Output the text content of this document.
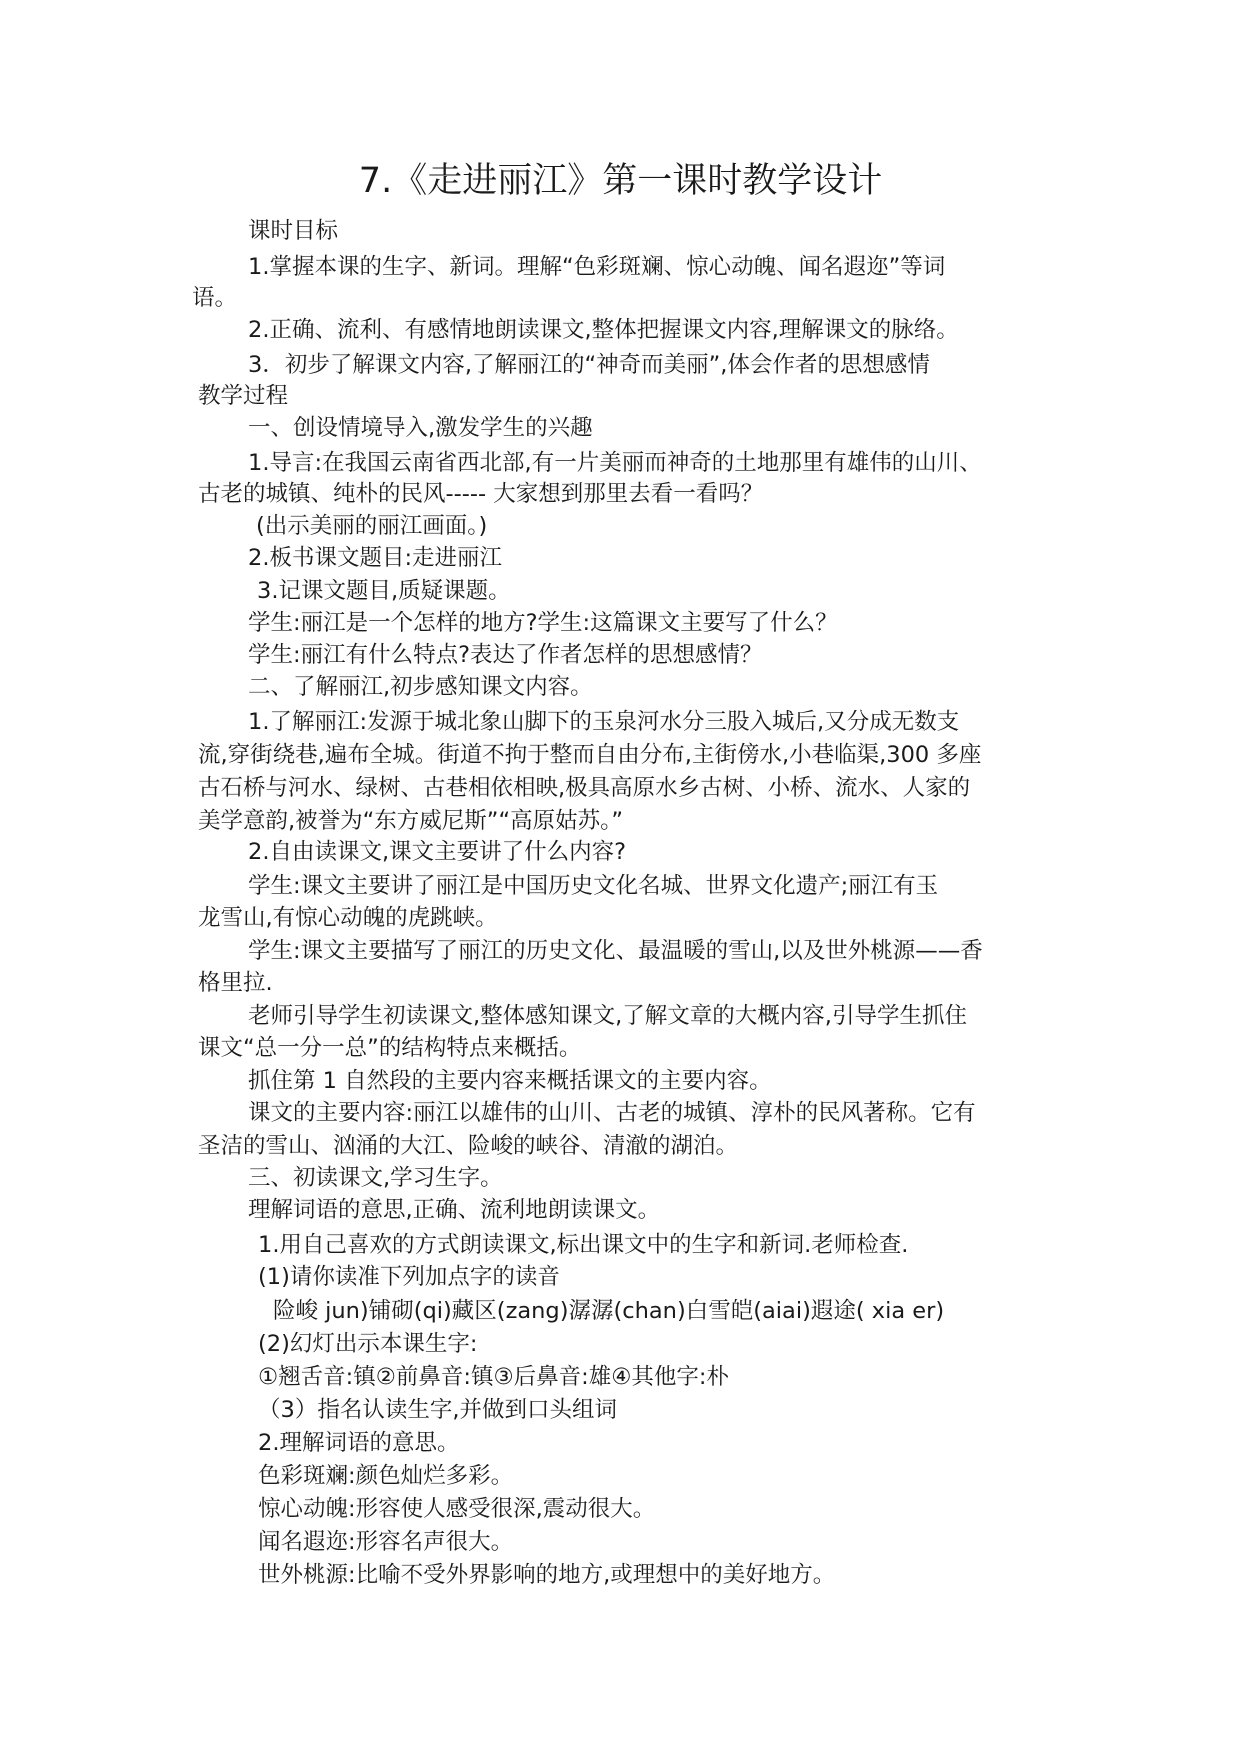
7.《走进丽江》第一课时教学设计
课时目标
1.掌握本课的生字、新词。理解“色彩斑斓、惊心动魄、闻名遐迩”等词
语。
2.正确、流利、有感情地朗读课文,整体把握课文内容,理解课文的脉络。
3．初步了解课文内容,了解丽江的“神奇而美丽”,体会作者的思想感情
教学过程
一、创设情境导入,激发学生的兴趣
1.导言:在我国云南省西北部,有一片美丽而神奇的土地那里有雄伟的山川、
古老的城镇、纯朴的民风----- 大家想到那里去看一看吗？
(出示美丽的丽江画面。)
2.板书课文题目:走进丽江
3.记课文题目,质疑课题。
学生:丽江是一个怎样的地方?学生:这篇课文主要写了什么？
学生:丽江有什么特点?表达了作者怎样的思想感情？
二、了解丽江,初步感知课文内容。
1.了解丽江:发源于城北象山脚下的玉泉河水分三股入城后,又分成无数支
流,穿街绕巷,遍布全城。街道不拘于整而自由分布,主街傍水,小巷临渠,300 多座
古石桥与河水、绿树、古巷相依相映,极具高原水乡古树、小桥、流水、人家的
美学意韵,被誉为“东方威尼斯”“高原姑苏。”
2.自由读课文,课文主要讲了什么内容?
学生:课文主要讲了丽江是中国历史文化名城、世界文化遗产;丽江有玉
龙雪山,有惊心动魄的虎跳峡。
学生:课文主要描写了丽江的历史文化、最温暖的雪山,以及世外桃源——香
格里拉.
老师引导学生初读课文,整体感知课文,了解文章的大概内容,引导学生抓住
课文“总一分一总”的结构特点来概括。
抓住第 1 自然段的主要内容来概括课文的主要内容。
课文的主要内容:丽江以雄伟的山川、古老的城镇、淳朴的民风著称。它有
圣洁的雪山、汹涌的大江、险峻的峡谷、清澈的湖泊。
三、初读课文,学习生字。
理解词语的意思,正确、流利地朗读课文。
1.用自己喜欢的方式朗读课文,标出课文中的生字和新词.老师检查.
(1)请你读准下列加点字的读音
险峻 jun)铺砌(qi)藏区(zang)潺潺(chan)白雪皑(aiai)遐途( xia er)
(2)幻灯出示本课生字:
①翘舌音:镇②前鼻音:镇③后鼻音:雄④其他字:朴
（3）指名认读生字,并做到口头组词
2.理解词语的意思。
色彩斑斓:颜色灿烂多彩。
惊心动魄:形容使人感受很深,震动很大。
闻名遐迩:形容名声很大。
世外桃源:比喻不受外界影响的地方,或理想中的美好地方。
